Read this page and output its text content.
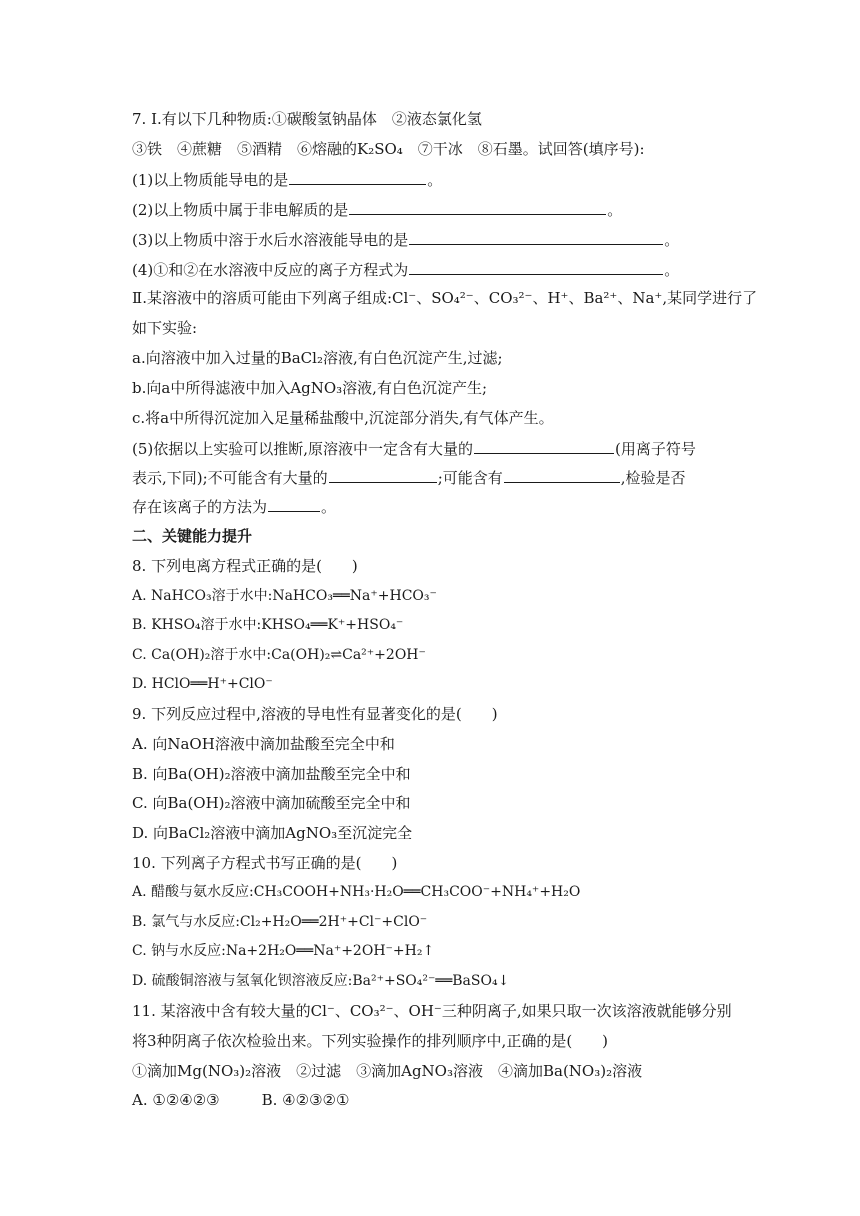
7. Ⅰ.有以下几种物质:①碳酸氢钠晶体　②液态氯化氢
③铁　④蔗糖　⑤酒精　⑥熔融的K₂SO₄　⑦干冰　⑧石墨。试回答(填序号):
(1)以上物质能导电的是	。
(2)以上物质中属于非电解质的是	。
(3)以上物质中溶于水后水溶液能导电的是	。
(4)①和②在水溶液中反应的离子方程式为	。
Ⅱ.某溶液中的溶质可能由下列离子组成:Cl⁻、SO₄²⁻、CO₃²⁻、H⁺、Ba²⁺、Na⁺,某同学进行了
如下实验:
a.向溶液中加入过量的BaCl₂溶液,有白色沉淀产生,过滤;
b.向a中所得滤液中加入AgNO₃溶液,有白色沉淀产生;
c.将a中所得沉淀加入足量稀盐酸中,沉淀部分消失,有气体产生。
(5)依据以上实验可以推断,原溶液中一定含有大量的	(用离子符号
表示,下同);不可能含有大量的	;可能含有	,检验是否
存在该离子的方法为	。
二、关键能力提升
8. 下列电离方程式正确的是(　　)
A. NaHCO₃溶于水中:NaHCO₃══Na⁺+HCO₃⁻
B. KHSO₄溶于水中:KHSO₄══K⁺+HSO₄⁻
C. Ca(OH)₂溶于水中:Ca(OH)₂⇌Ca²⁺+2OH⁻
D. HClO══H⁺+ClO⁻
9. 下列反应过程中,溶液的导电性有显著变化的是(　　)
A. 向NaOH溶液中滴加盐酸至完全中和
B. 向Ba(OH)₂溶液中滴加盐酸至完全中和
C. 向Ba(OH)₂溶液中滴加硫酸至完全中和
D. 向BaCl₂溶液中滴加AgNO₃至沉淀完全
10. 下列离子方程式书写正确的是(　　)
A. 醋酸与氨水反应:CH₃COOH+NH₃·H₂O══CH₃COO⁻+NH₄⁺+H₂O
B. 氯气与水反应:Cl₂+H₂O══2H⁺+Cl⁻+ClO⁻
C. 钠与水反应:Na+2H₂O══Na⁺+2OH⁻+H₂↑
D. 硫酸铜溶液与氢氧化钡溶液反应:Ba²⁺+SO₄²⁻══BaSO₄↓
11. 某溶液中含有较大量的Cl⁻、CO₃²⁻、OH⁻三种阴离子,如果只取一次该溶液就能够分别
将3种阴离子依次检验出来。下列实验操作的排列顺序中,正确的是(　　)
①滴加Mg(NO₃)₂溶液　②过滤　③滴加AgNO₃溶液　④滴加Ba(NO₃)₂溶液
A. ①②④②③	B. ④②③②①
